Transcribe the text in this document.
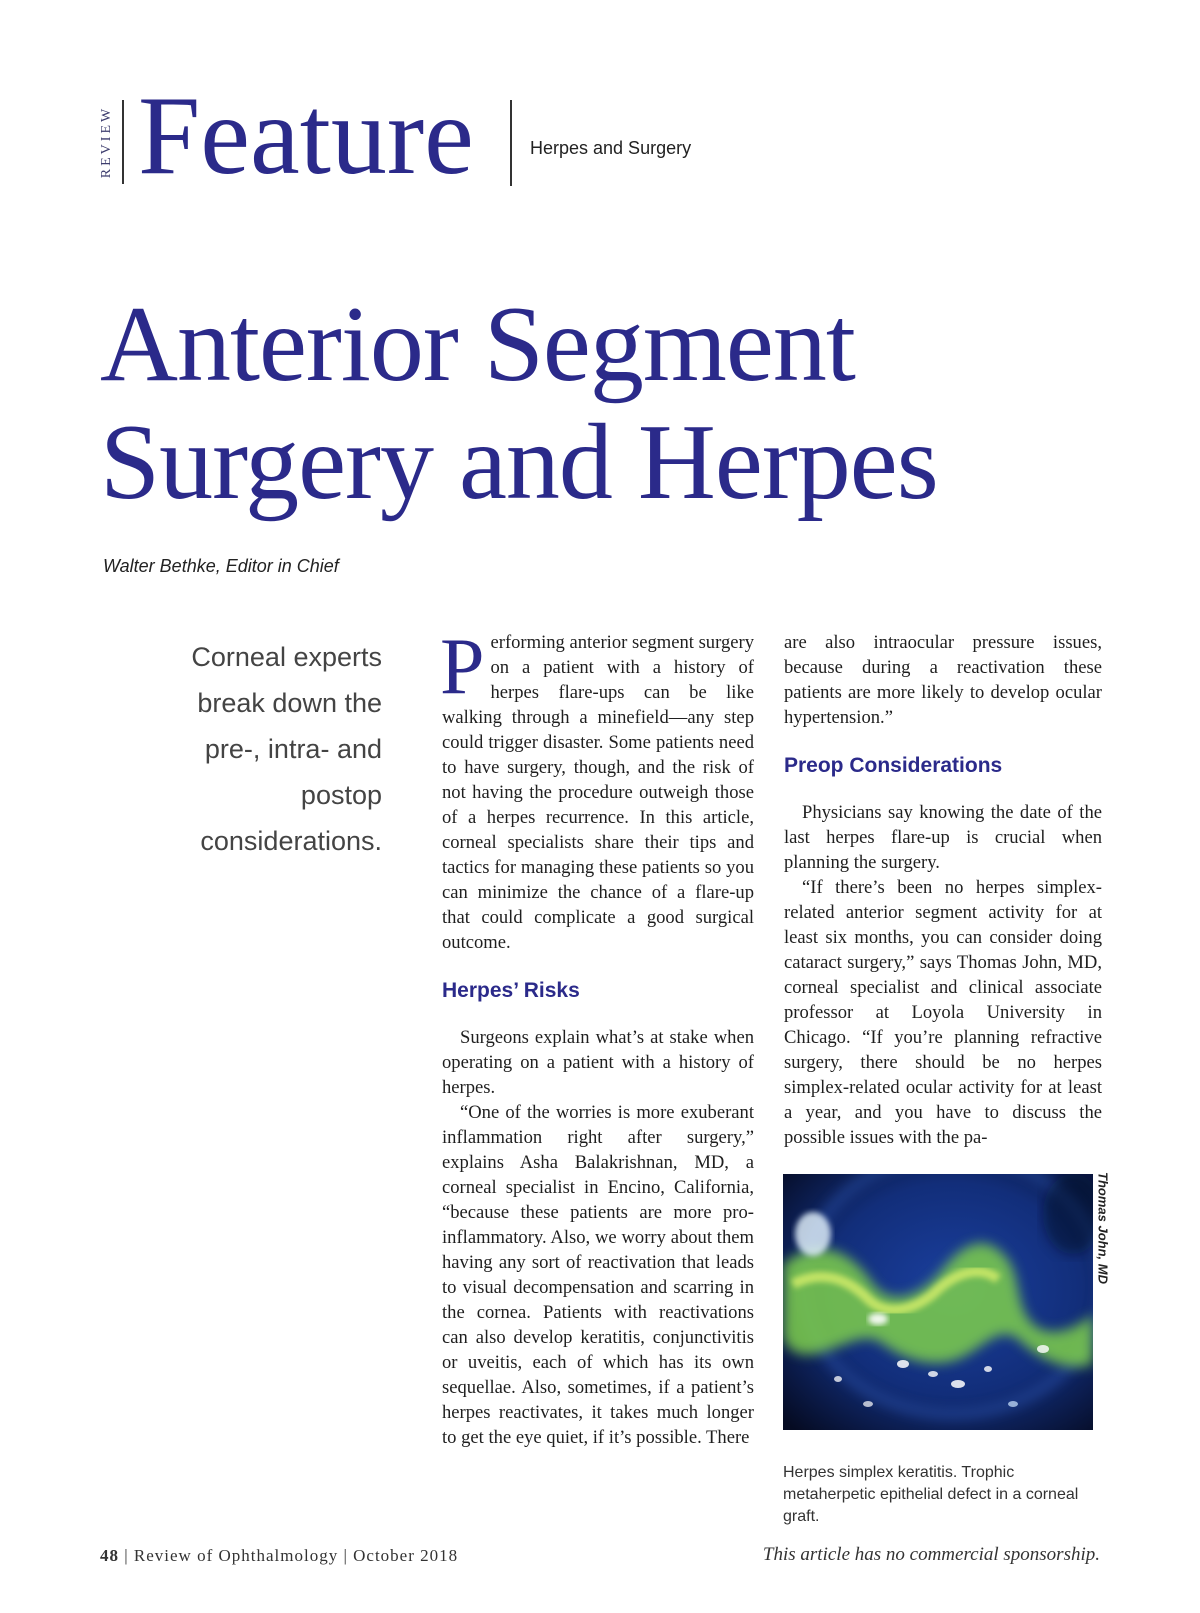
REVIEW Feature	Herpes and Surgery
Anterior Segment
Surgery and Herpes
Walter Bethke, Editor in Chief
Corneal experts break down the pre-, intra- and postop considerations.

Performing anterior segment surgery on a patient with a history of herpes flare-ups can be like walking through a minefield—any step could trigger disaster. Some patients need to have surgery, though, and the risk of not having the procedure outweigh those of a herpes recurrence. In this article, corneal specialists share their tips and tactics for managing these patients so you can minimize the chance of a flare-up that could complicate a good surgical outcome.

Herpes’ Risks

Surgeons explain what’s at stake when operating on a patient with a history of herpes.

“One of the worries is more exuberant inflammation right after surgery,” explains Asha Balakrishnan, MD, a corneal specialist in Encino, California, “because these patients are more pro-inflammatory. Also, we worry about them having any sort of reactivation that leads to visual decompensation and scarring in the cornea. Patients with reactivations can also develop keratitis, conjunctivitis or uveitis, each of which has its own sequellae. Also, sometimes, if a patient’s herpes reactivates, it takes much longer to get the eye quiet, if it’s possible. There

are also intraocular pressure issues, because during a reactivation these patients are more likely to develop ocular hypertension.”

Preop Considerations

Physicians say knowing the date of the last herpes flare-up is crucial when planning the surgery.

“If there’s been no herpes simplex-related anterior segment activity for at least six months, you can consider doing cataract surgery,” says Thomas John, MD, corneal specialist and clinical associate professor at Loyola University in Chicago. “If you’re planning refractive surgery, there should be no herpes simplex-related ocular activity for at least a year, and you have to discuss the possible issues with the pa-

Thomas John, MD
Herpes simplex keratitis. Trophic metaherpetic epithelial defect in a corneal graft.
48 | Review of Ophthalmology | October 2018	This article has no commercial sponsorship.
